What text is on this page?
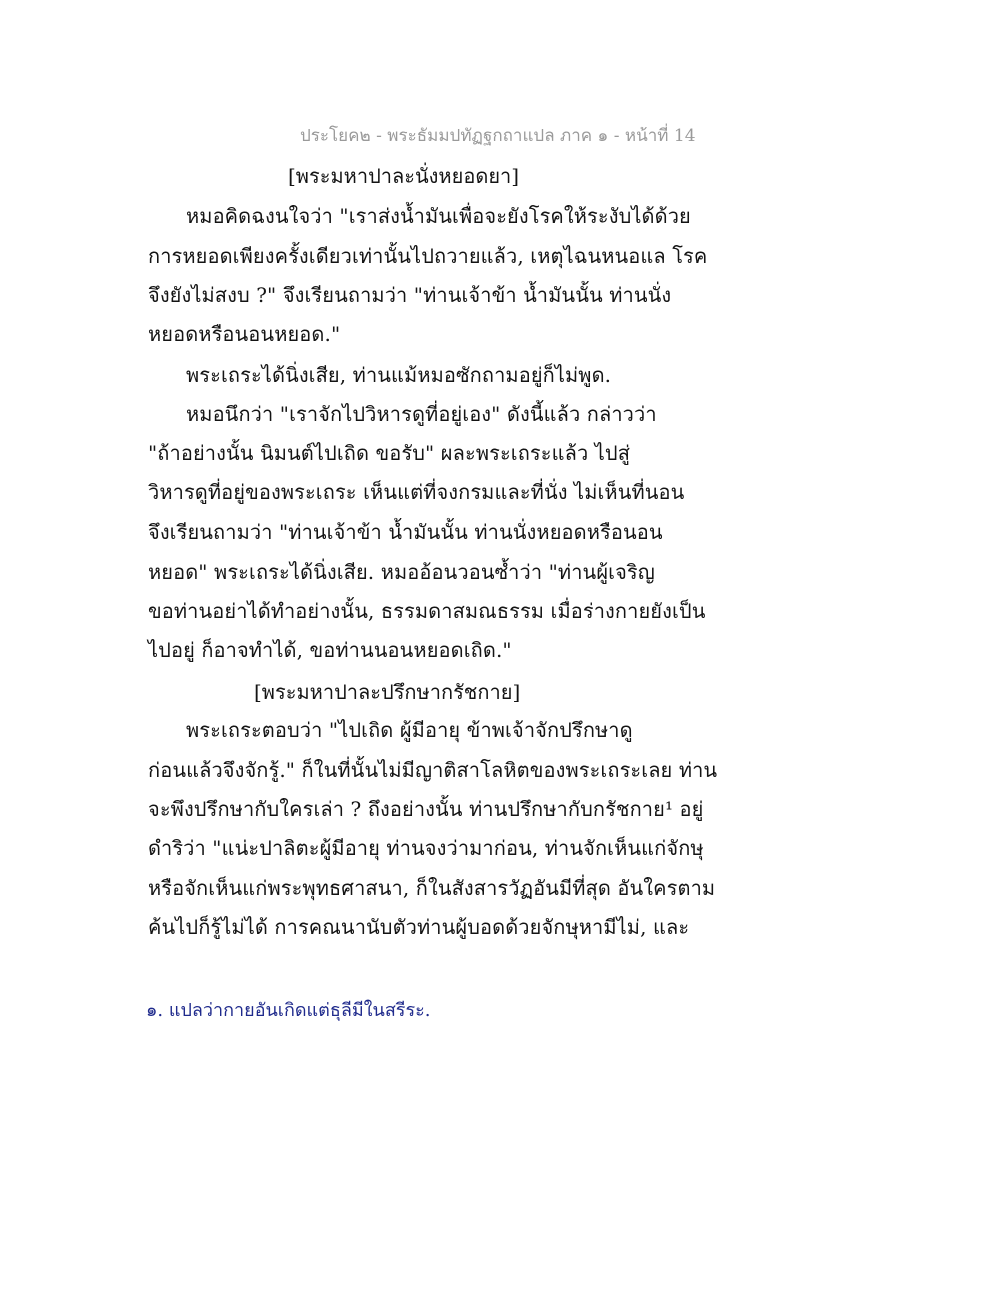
ประโยค๒ - พระธัมมปทัฏฐกถาแปล ภาค ๑ - หน้าที่ 14
[พระมหาปาละนั่งหยอดยา]
หมอคิดฉงนใจว่า "เราส่งน้ำมันเพื่อจะยังโรคให้ระงับได้ด้วย
การหยอดเพียงครั้งเดียวเท่านั้นไปถวายแล้ว, เหตุไฉนหนอแล โรค
จึงยังไม่สงบ ?" จึงเรียนถามว่า "ท่านเจ้าข้า น้ำมันนั้น ท่านนั่ง
หยอดหรือนอนหยอด."
พระเถระได้นิ่งเสีย, ท่านแม้หมอซักถามอยู่ก็ไม่พูด.
หมอนึกว่า "เราจักไปวิหารดูที่อยู่เอง" ดังนี้แล้ว กล่าวว่า
"ถ้าอย่างนั้น นิมนต์ไปเถิด ขอรับ" ผละพระเถระแล้ว ไปสู่
วิหารดูที่อยู่ของพระเถระ เห็นแต่ที่จงกรมและที่นั่ง ไม่เห็นที่นอน
จึงเรียนถามว่า "ท่านเจ้าข้า น้ำมันนั้น ท่านนั่งหยอดหรือนอน
หยอด" พระเถระได้นิ่งเสีย. หมออ้อนวอนซ้ำว่า "ท่านผู้เจริญ
ขอท่านอย่าได้ทำอย่างนั้น, ธรรมดาสมณธรรม เมื่อร่างกายยังเป็น
ไปอยู่ ก็อาจทำได้, ขอท่านนอนหยอดเถิด."
[พระมหาปาละปรึกษากรัชกาย]
พระเถระตอบว่า "ไปเถิด ผู้มีอายุ ข้าพเจ้าจักปรึกษาดู
ก่อนแล้วจึงจักรู้." ก็ในที่นั้นไม่มีญาติสาโลหิตของพระเถระเลย ท่าน
จะพึงปรึกษากับใครเล่า ? ถึงอย่างนั้น ท่านปรึกษากับกรัชกาย¹ อยู่
ดำริว่า "แน่ะปาลิตะผู้มีอายุ ท่านจงว่ามาก่อน, ท่านจักเห็นแก่จักษุ
หรือจักเห็นแก่พระพุทธศาสนา, ก็ในสังสารวัฏอันมีที่สุด อันใครตาม
ค้นไปก็รู้ไม่ได้ การคณนานับตัวท่านผู้บอดด้วยจักษุหามีไม่, และ
๑. แปลว่ากายอันเกิดแต่ธุลีมีในสรีระ.
